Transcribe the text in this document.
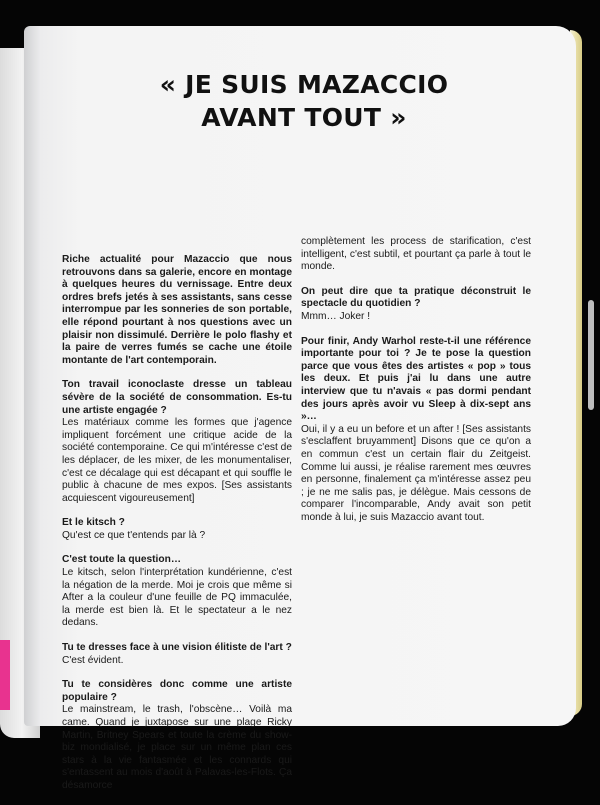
« JE SUIS MAZACCIO
AVANT TOUT »

Riche actualité pour Mazaccio que nous retrouvons dans sa galerie, encore en montage à quelques heures du vernissage. Entre deux ordres brefs jetés à ses assistants, sans cesse interrompue par les sonneries de son portable, elle répond pourtant à nos questions avec un plaisir non dissimulé. Derrière le polo flashy et la paire de verres fumés se cache une étoile montante de l'art contemporain.

Ton travail iconoclaste dresse un tableau sévère de la société de consommation. Es-tu une artiste engagée ?

Les matériaux comme les formes que j'agence impliquent forcément une critique acide de la société contemporaine. Ce qui m'intéresse c'est de les déplacer, de les mixer, de les monumentaliser, c'est ce décalage qui est décapant et qui souffle le public à chacune de mes expos. [Ses assistants acquiescent vigoureusement]

Et le kitsch ?

Qu'est ce que t'entends par là ?

C'est toute la question…

Le kitsch, selon l'interprétation kundérienne, c'est la négation de la merde. Moi je crois que même si After a la couleur d'une feuille de PQ immaculée, la merde est bien là. Et le spectateur a le nez dedans.

Tu te dresses face à une vision élitiste de l'art ?

C'est évident.

Tu te considères donc comme une artiste populaire ?

Le mainstream, le trash, l'obscène… Voilà ma came. Quand je juxtapose sur une plage Ricky Martin, Britney Spears et toute la crème du show-biz mondialisé, je place sur un même plan ces stars à la vie fantasmée et les connards qui s'entassent au mois d'août à Palavas-les-Flots. Ça désamorce

complètement les process de starification, c'est intelligent, c'est subtil, et pourtant ça parle à tout le monde.

On peut dire que ta pratique déconstruit le spectacle du quotidien ?

Mmm… Joker !

Pour finir, Andy Warhol reste-t-il une référence importante pour toi ? Je te pose la question parce que vous êtes des artistes « pop » tous les deux. Et puis j'ai lu dans une autre interview que tu n'avais « pas dormi pendant des jours après avoir vu Sleep à dix-sept ans »…

Oui, il y a eu un before et un after ! [Ses assistants s'esclaffent bruyamment] Disons que ce qu'on a en commun c'est un certain flair du Zeitgeist. Comme lui aussi, je réalise rarement mes œuvres en personne, finalement ça m'intéresse assez peu ; je ne me salis pas, je délègue. Mais cessons de comparer l'incomparable, Andy avait son petit monde à lui, je suis Mazaccio avant tout.
